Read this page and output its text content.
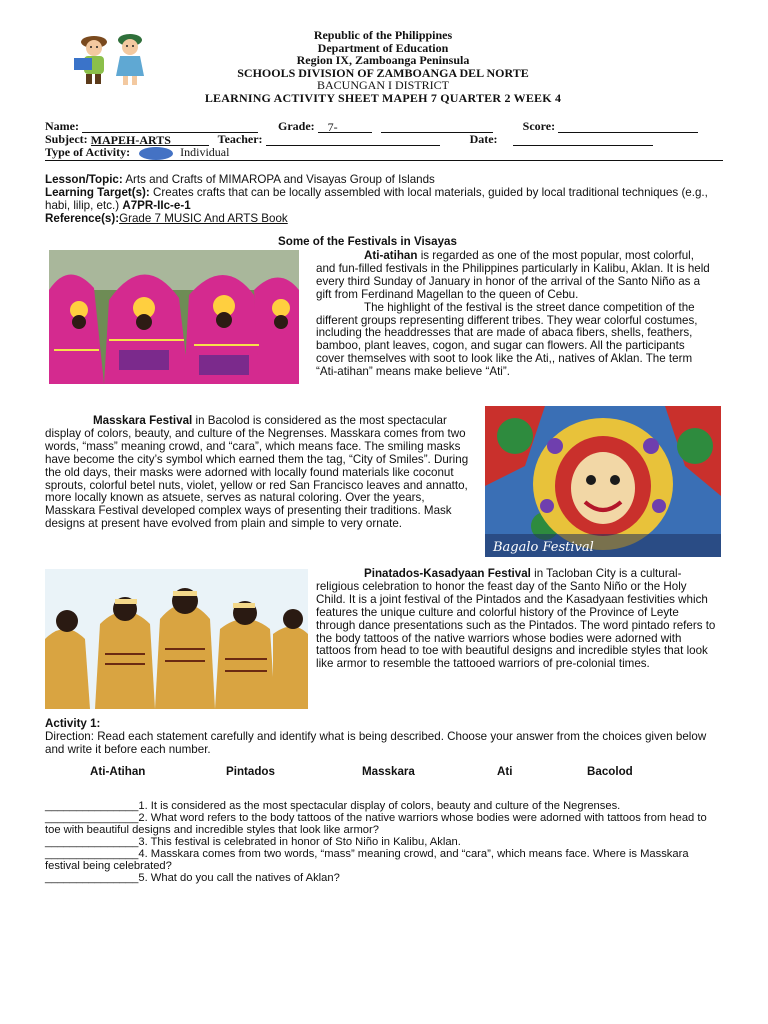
Republic of the Philippines
Department of Education
Region IX, Zamboanga Peninsula
SCHOOLS DIVISION OF ZAMBOANGA DEL NORTE
BACUNGAN I DISTRICT
LEARNING ACTIVITY SHEET MAPEH 7 QUARTER 2 WEEK 4
Name:	Grade: 7-	Score:
Subject: MAPEH-ARTS	Teacher:	Date:
Type of Activity:	Individual

Lesson/Topic: Arts and Crafts of MIMAROPA and Visayas Group of Islands

Learning Target(s): Creates crafts that can be locally assembled with local materials, guided by local traditional techniques (e.g., habi, lilip, etc.) A7PR-IIc-e-1

Reference(s):Grade 7 MUSIC And ARTS Book

Some of the Festivals in Visayas

Ati-atihan is regarded as one of the most popular, most colorful, and fun-filled festivals in the Philippines particularly in Kalibu, Aklan. It is held every third Sunday of January in honor of the arrival of the Santo Niño as a gift from Ferdinand Magellan to the queen of Cebu.

The highlight of the festival is the street dance competition of the different groups representing different tribes. They wear colorful costumes, including the headdresses that are made of abaca fibers, shells, feathers, bamboo, plant leaves, cogon, and sugar can flowers. All the participants cover themselves with soot to look like the Ati,, natives of Aklan. The term “Ati-atihan” means make believe “Ati”.

Bagalo Festival

Masskara Festival in Bacolod is considered as the most spectacular display of colors, beauty, and culture of the Negrenses. Masskara comes from two words, “mass” meaning crowd, and “cara”, which means face. The smiling masks have become the city’s symbol which earned them the tag, “City of Smiles”. During the old days, their masks were adorned with locally found materials like coconut sprouts, colorful betel nuts, violet, yellow or red San Francisco leaves and annatto, more locally known as atsuete, serves as natural coloring. Over the years, Masskara Festival developed complex ways of presenting their traditions. Mask designs at present have evolved from plain and simple to very ornate.

Pinatados-Kasadyaan Festival in Tacloban City is a cultural-religious celebration to honor the feast day of the Santo Niño or the Holy Child. It is a joint festival of the Pintados and the Kasadyaan festivities which features the unique culture and colorful history of the Province of Leyte through dance presentations such as the Pintados. The word pintado refers to the body tattoos of the native warriors whose bodies were adorned with tattoos from head to toe with beautiful designs and incredible styles that look like armor to resemble the tattooed warriors of pre-colonial times.

Activity 1:

Direction: Read each statement carefully and identify what is being described. Choose your answer from the choices given below and write it before each number.

Ati-Atihan	Pintados	Masskara	Ati	Bacolod
_______________1. It is considered as the most spectacular display of colors, beauty and culture of the Negrenses.
_______________2. What word refers to the body tattoos of the native warriors whose bodies were adorned with tattoos from head to toe with beautiful designs and incredible styles that look like armor?
_______________3. This festival is celebrated in honor of Sto Niño in Kalibu, Aklan.
_______________4. Masskara comes from two words, “mass” meaning crowd, and “cara”, which means face. Where is Masskara festival being celebrated?
_______________5. What do you call the natives of Aklan?
